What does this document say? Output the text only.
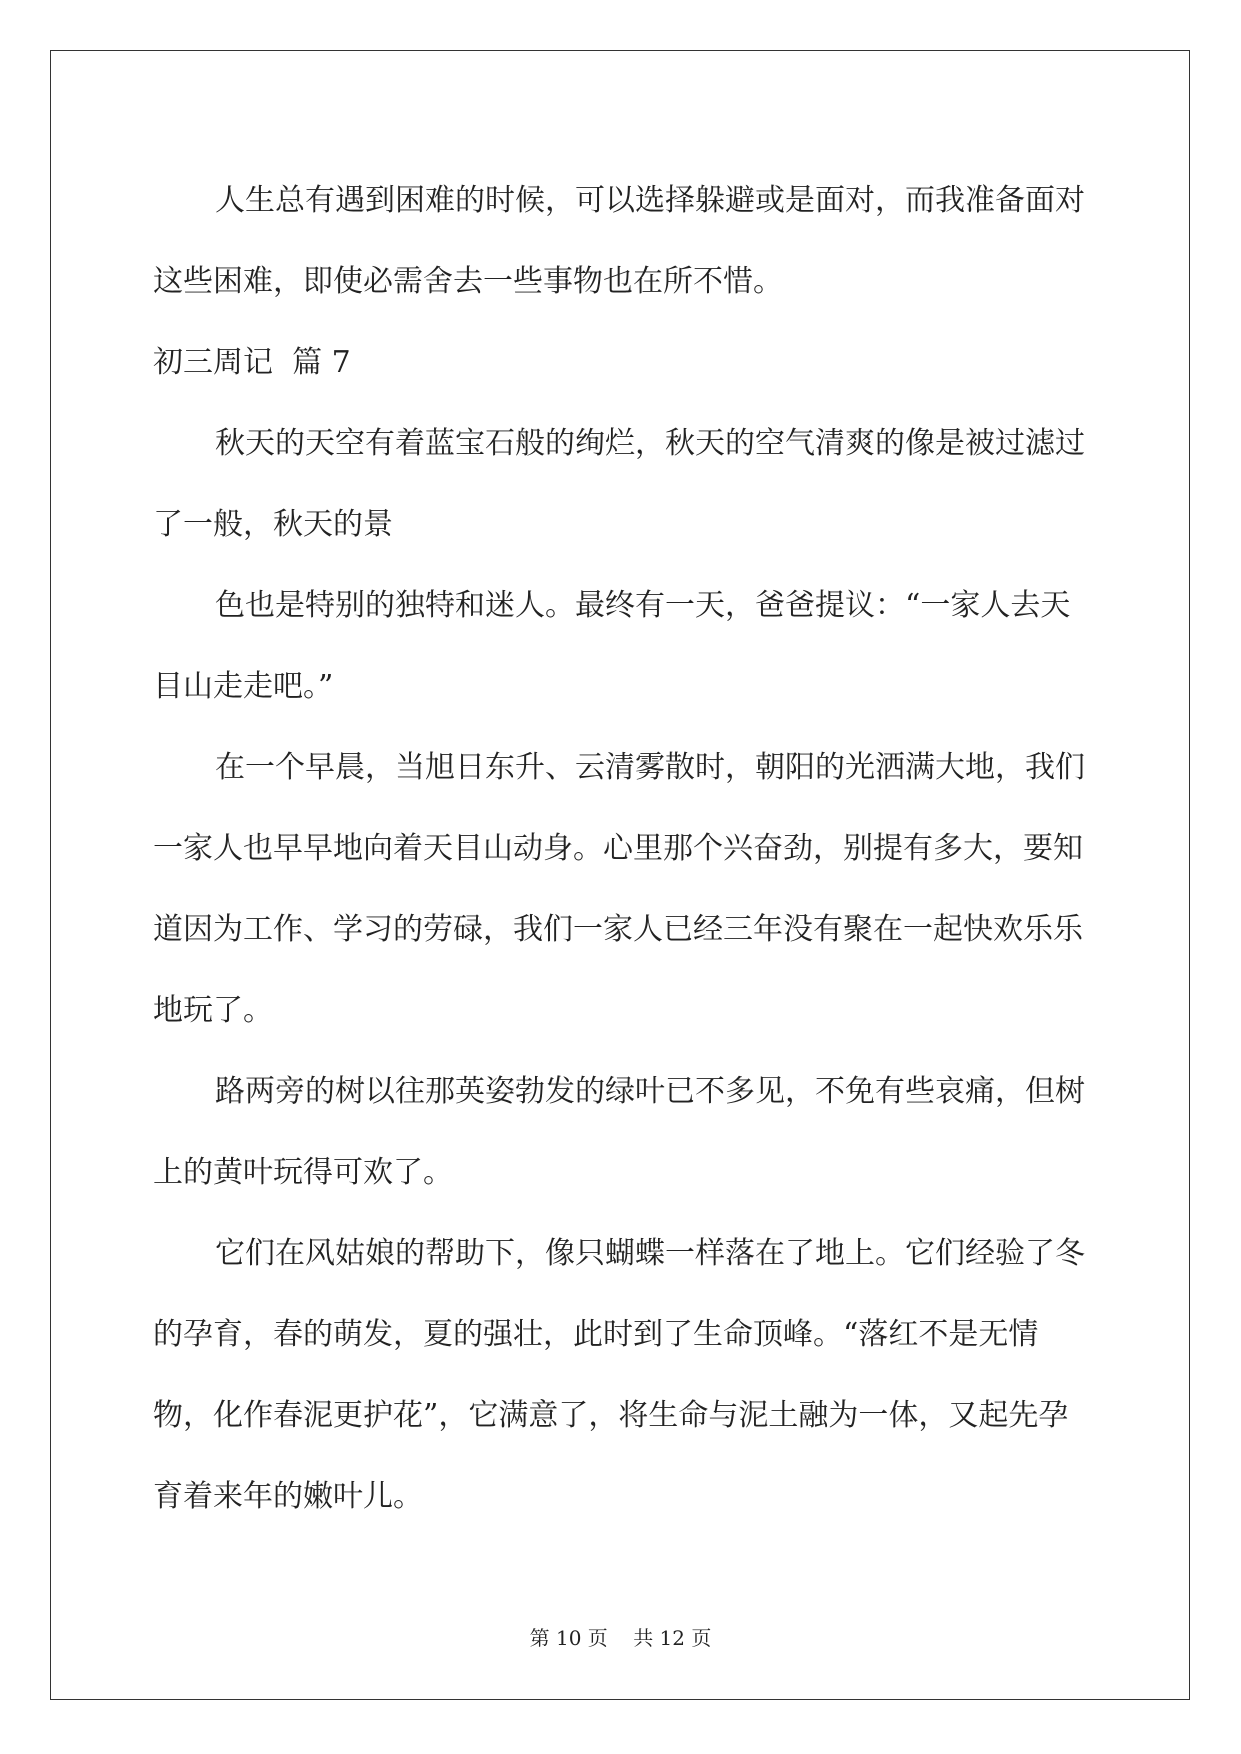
人生总有遇到困难的时候，可以选择躲避或是面对，而我准备面对这些困难，即使必需舍去一些事物也在所不惜。

初三周记  篇 7

秋天的天空有着蓝宝石般的绚烂，秋天的空气清爽的像是被过滤过了一般，秋天的景

色也是特别的独特和迷人。最终有一天，爸爸提议：“一家人去天目山走走吧。”

在一个早晨，当旭日东升、云清雾散时，朝阳的光洒满大地，我们一家人也早早地向着天目山动身。心里那个兴奋劲，别提有多大，要知道因为工作、学习的劳碌，我们一家人已经三年没有聚在一起快欢乐乐地玩了。

路两旁的树以往那英姿勃发的绿叶已不多见，不免有些哀痛，但树上的黄叶玩得可欢了。

它们在风姑娘的帮助下，像只蝴蝶一样落在了地上。它们经验了冬的孕育，春的萌发，夏的强壮，此时到了生命顶峰。“落红不是无情物，化作春泥更护花”，它满意了，将生命与泥土融为一体，又起先孕育着来年的嫩叶儿。

第 10 页    共 12 页
